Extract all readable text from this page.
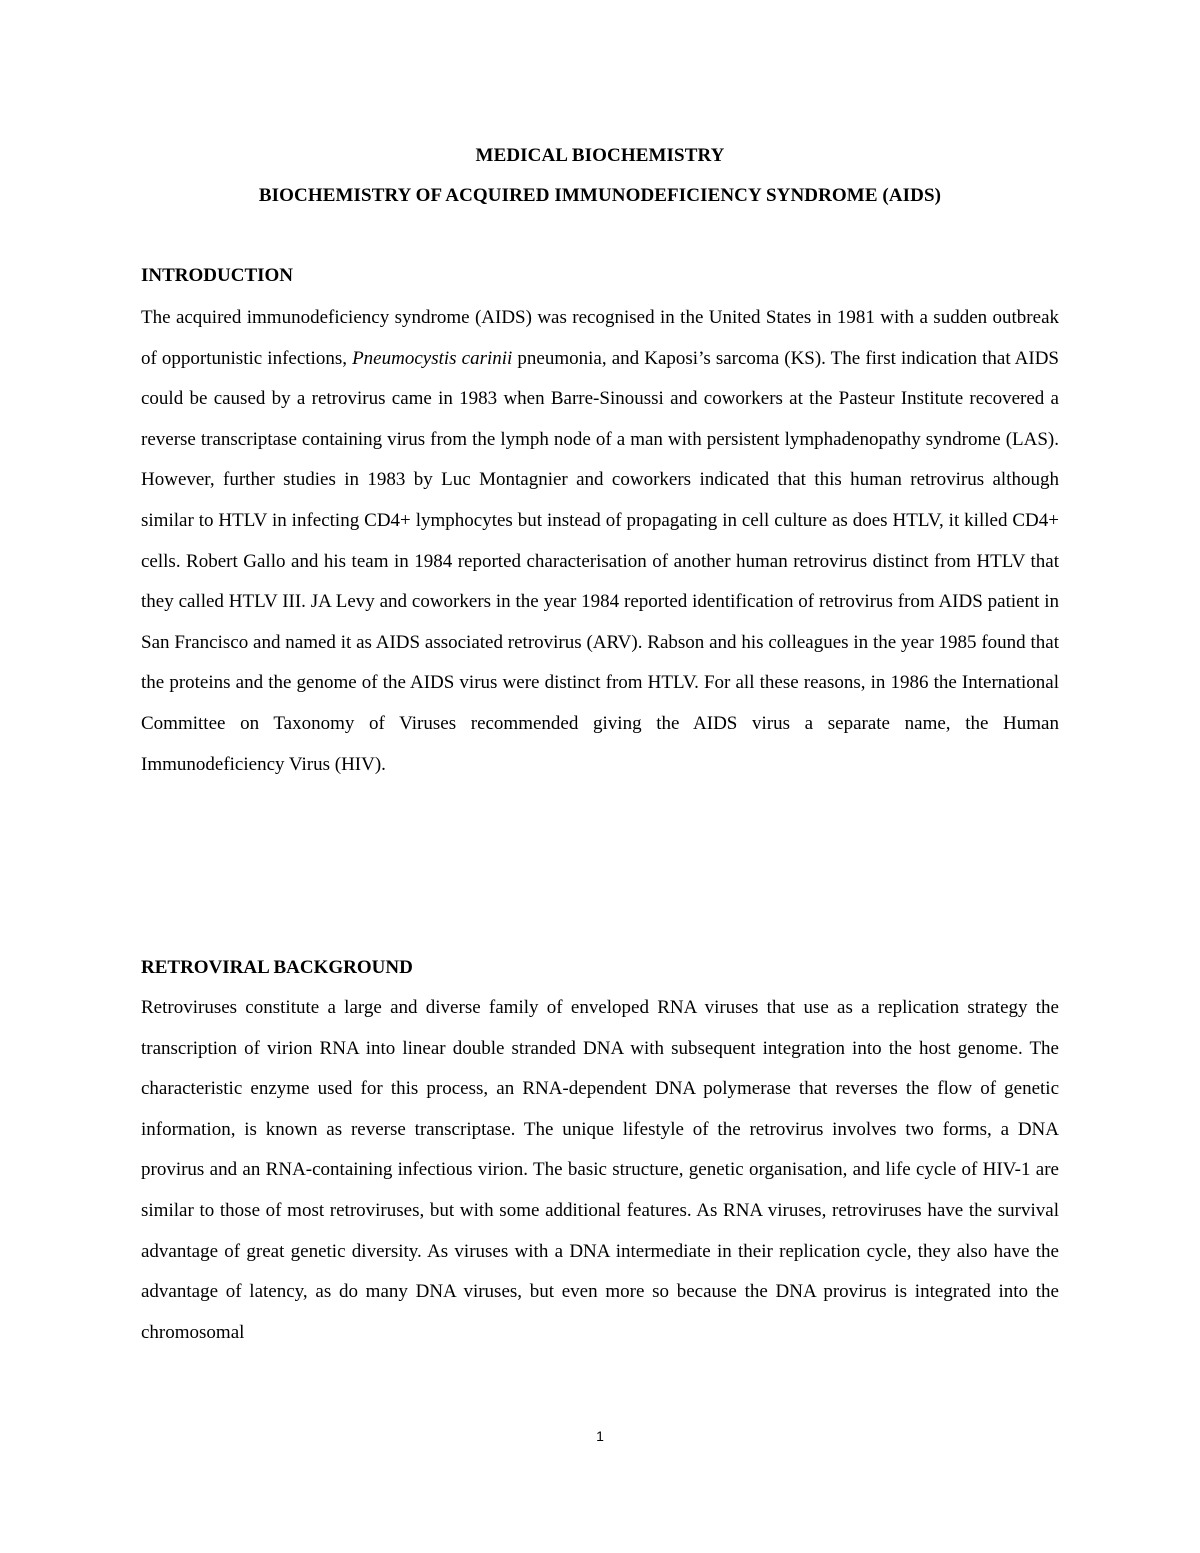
MEDICAL BIOCHEMISTRY
BIOCHEMISTRY OF ACQUIRED IMMUNODEFICIENCY SYNDROME (AIDS)
INTRODUCTION

The acquired immunodeficiency syndrome (AIDS) was recognised in the United States in 1981 with a sudden outbreak of opportunistic infections, Pneumocystis carinii pneumonia, and Kaposi’s sarcoma (KS). The first indication that AIDS could be caused by a retrovirus came in 1983 when Barre-Sinoussi and coworkers at the Pasteur Institute recovered a reverse transcriptase containing virus from the lymph node of a man with persistent lymphadenopathy syndrome (LAS). However, further studies in 1983 by Luc Montagnier and coworkers indicated that this human retrovirus although similar to HTLV in infecting CD4+ lymphocytes but instead of propagating in cell culture as does HTLV, it killed CD4+ cells. Robert Gallo and his team in 1984 reported characterisation of another human retrovirus distinct from HTLV that they called HTLV III. JA Levy and coworkers in the year 1984 reported identification of retrovirus from AIDS patient in San Francisco and named it as AIDS associated retrovirus (ARV). Rabson and his colleagues in the year 1985 found that the proteins and the genome of the AIDS virus were distinct from HTLV. For all these reasons, in 1986 the International Committee on Taxonomy of Viruses recommended giving the AIDS virus a separate name, the Human Immunodeficiency Virus (HIV).

RETROVIRAL BACKGROUND

Retroviruses constitute a large and diverse family of enveloped RNA viruses that use as a replication strategy the transcription of virion RNA into linear double stranded DNA with subsequent integration into the host genome. The characteristic enzyme used for this process, an RNA-dependent DNA polymerase that reverses the flow of genetic information, is known as reverse transcriptase. The unique lifestyle of the retrovirus involves two forms, a DNA provirus and an RNA-containing infectious virion. The basic structure, genetic organisation, and life cycle of HIV-1 are similar to those of most retroviruses, but with some additional features. As RNA viruses, retroviruses have the survival advantage of great genetic diversity. As viruses with a DNA intermediate in their replication cycle, they also have the advantage of latency, as do many DNA viruses, but even more so because the DNA provirus is integrated into the chromosomal

1
